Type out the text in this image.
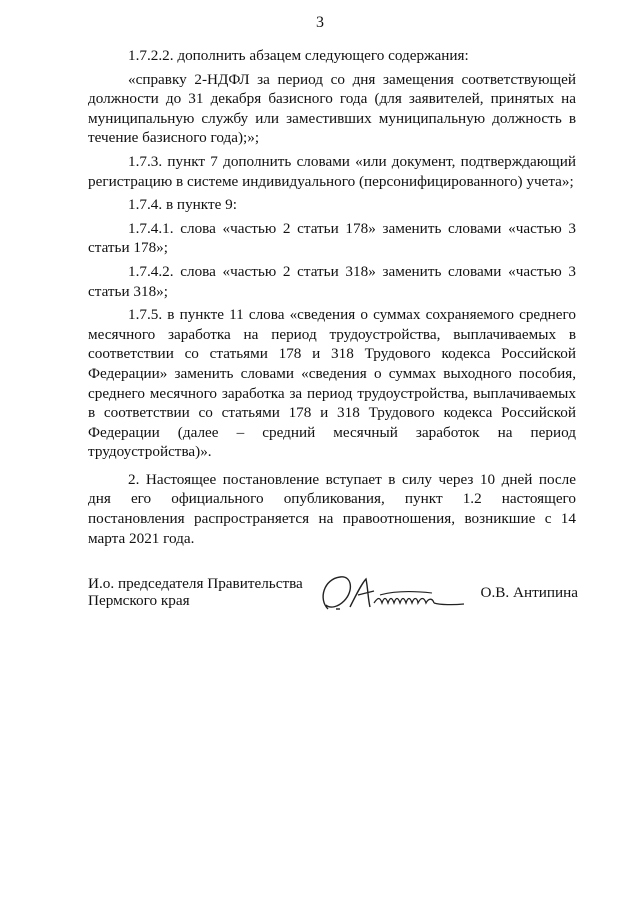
3

1.7.2.2. дополнить абзацем следующего содержания:

«справку 2-НДФЛ за период со дня замещения соответствующей должности до 31 декабря базисного года (для заявителей, принятых на муниципальную службу или заместивших муниципальную должность в течение базисного года);»;

1.7.3. пункт 7 дополнить словами «или документ, подтверждающий регистрацию в системе индивидуального (персонифицированного) учета»;

1.7.4. в пункте 9:

1.7.4.1. слова «частью 2 статьи 178» заменить словами «частью 3 статьи 178»;

1.7.4.2. слова «частью 2 статьи 318» заменить словами «частью 3 статьи 318»;

1.7.5. в пункте 11 слова «сведения о суммах сохраняемого среднего месячного заработка на период трудоустройства, выплачиваемых в соответствии со статьями 178 и 318 Трудового кодекса Российской Федерации» заменить словами «сведения о суммах выходного пособия, среднего месячного заработка за период трудоустройства, выплачиваемых в соответствии со статьями 178 и 318 Трудового кодекса Российской Федерации (далее – средний месячный заработок на период трудоустройства)».

2. Настоящее постановление вступает в силу через 10 дней после дня его официального опубликования, пункт 1.2 настоящего постановления распространяется на правоотношения, возникшие с 14 марта 2021 года.

И.о. председателя Правительства
Пермского края	О.В. Антипина
